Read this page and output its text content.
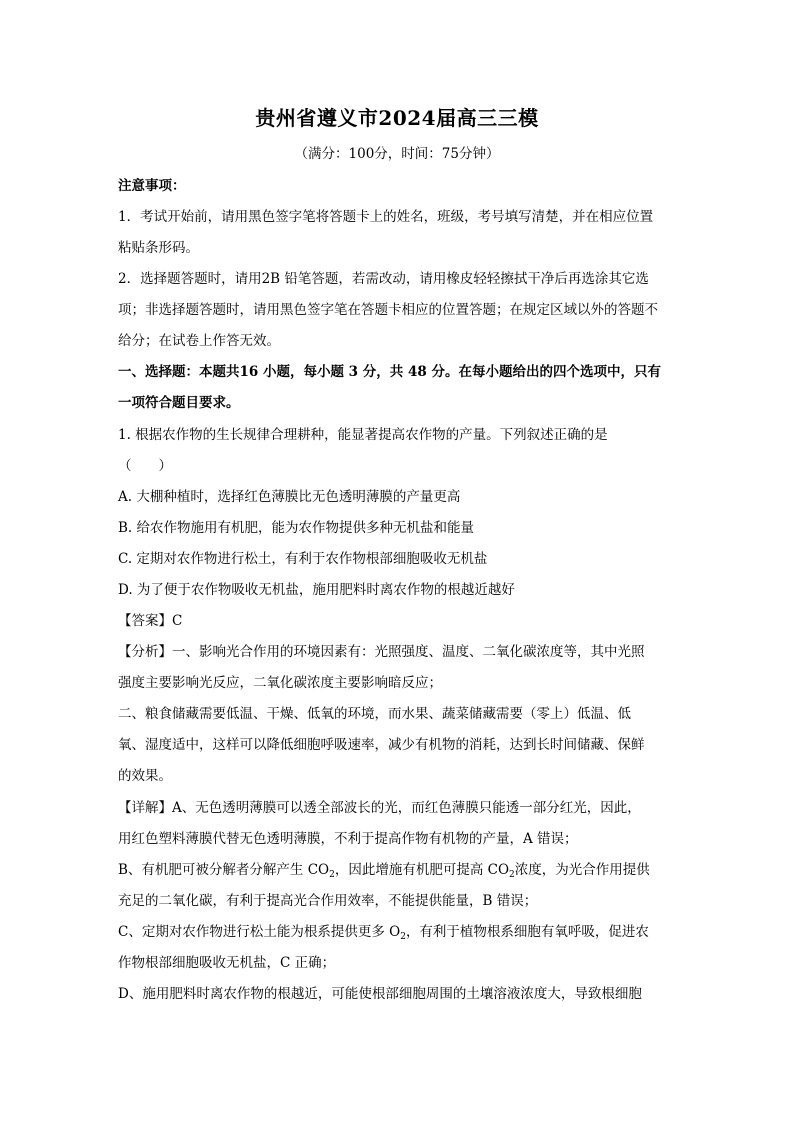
贵州省遵义市2024届高三三模
（满分：100分，时间：75分钟）
注意事项：
1．考试开始前，请用黑色签字笔将答题卡上的姓名，班级，考号填写清楚，并在相应位置
粘贴条形码。
2．选择题答题时，请用2B 铅笔答题，若需改动，请用橡皮轻轻擦拭干净后再选涂其它选
项；非选择题答题时，请用黑色签字笔在答题卡相应的位置答题；在规定区域以外的答题不
给分；在试卷上作答无效。
一、选择题：本题共16 小题，每小题 3 分，共 48 分。在每小题给出的四个选项中，只有
一项符合题目要求。
1. 根据农作物的生长规律合理耕种，能显著提高农作物的产量。下列叙述正确的是
（　　）
A. 大棚种植时，选择红色薄膜比无色透明薄膜的产量更高
B. 给农作物施用有机肥，能为农作物提供多种无机盐和能量
C. 定期对农作物进行松土，有利于农作物根部细胞吸收无机盐
D. 为了便于农作物吸收无机盐，施用肥料时离农作物的根越近越好
【答案】C
【分析】一、影响光合作用的环境因素有：光照强度、温度、二氧化碳浓度等，其中光照
强度主要影响光反应，二氧化碳浓度主要影响暗反应；
二、粮食储藏需要低温、干燥、低氧的环境，而水果、蔬菜储藏需要（零上）低温、低
氧、湿度适中，这样可以降低细胞呼吸速率，减少有机物的消耗，达到长时间储藏、保鲜
的效果。
【详解】A、无色透明薄膜可以透全部波长的光，而红色薄膜只能透一部分红光，因此，
用红色塑料薄膜代替无色透明薄膜，不利于提高作物有机物的产量，A 错误；
B、有机肥可被分解者分解产生 $CO_2$，因此增施有机肥可提高 $CO_2$浓度，为光合作用提供
充足的二氧化碳，有利于提高光合作用效率，不能提供能量，B 错误；
C、定期对农作物进行松土能为根系提供更多 $O_2$，有利于植物根系细胞有氧呼吸，促进农
作物根部细胞吸收无机盐，C 正确；
D、施用肥料时离农作物的根越近，可能使根部细胞周围的土壤溶液浓度大，导致根细胞
